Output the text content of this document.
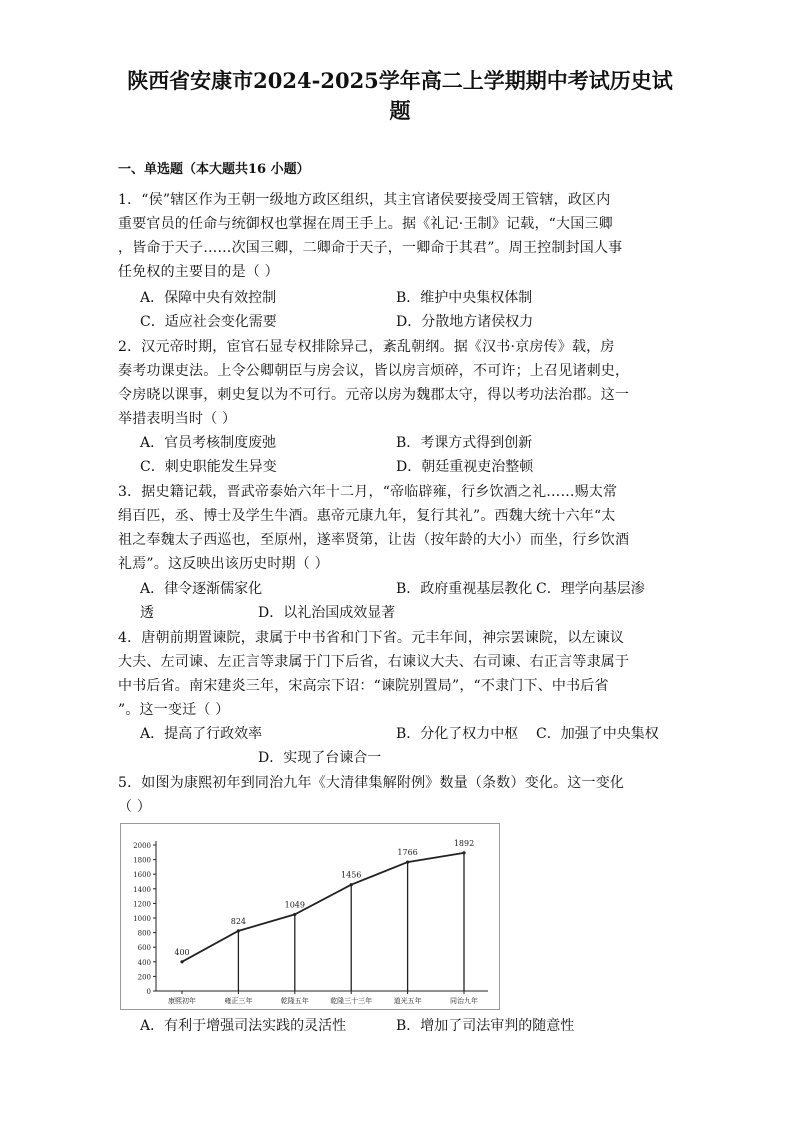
陕西省安康市2024-2025学年高二上学期期中考试历史试
题
一、单选题（本大题共16 小题）
1．“侯”辖区作为王朝一级地方政区组织，其主官诸侯要接受周王管辖，政区内
重要官员的任命与统御权也掌握在周王手上。据《礼记·王制》记载，“大国三卿
，皆命于天子……次国三卿，二卿命于天子，一卿命于其君”。周王控制封国人事
任免权的主要目的是（ ）
A．保障中央有效控制	B．维护中央集权体制
C．适应社会变化需要	D．分散地方诸侯权力
2．汉元帝时期，宦官石显专权排除异己，紊乱朝纲。据《汉书·京房传》载，房
奏考功课吏法。上令公卿朝臣与房会议，皆以房言烦碎，不可许；上召见诸刺史，
令房晓以课事，刺史复以为不可行。元帝以房为魏郡太守，得以考功法治郡。这一
举措表明当时（ ）
A．官员考核制度废弛	B．考课方式得到创新
C．刺史职能发生异变	D．朝廷重视吏治整顿
3．据史籍记载，晋武帝泰始六年十二月，“帝临辟雍，行乡饮酒之礼……赐太常
绢百匹，丞、博士及学生牛酒。惠帝元康九年，复行其礼”。西魏大统十六年“太
祖之奉魏太子西巡也，至原州，遂率贤第，让齿（按年龄的大小）而坐，行乡饮酒
礼焉”。这反映出该历史时期（ ）
A．律令逐渐儒家化	B．政府重视基层教化 C．理学向基层渗
透	D．以礼治国成效显著
4．唐朝前期置谏院，隶属于中书省和门下省。元丰年间，神宗罢谏院，以左谏议
大夫、左司谏、左正言等隶属于门下后省，右谏议大夫、右司谏、右正言等隶属于
中书后省。南宋建炎三年，宋高宗下诏：“谏院别置局”，“不隶门下、中书后省
”。这一变迁（ ）
A．提高了行政效率	B．分化了权力中枢 C．加强了中央集权
D．实现了台谏合一
5．如图为康熙初年到同治九年《大清律集解附例》数量（条数）变化。这一变化
（ ）
0
200
400
600
800
1000
1200
1400
1600
1800
2000
康熙初年	雍正三年	乾隆五年	乾隆三十三年	道光五年	同治九年
400
824
1049
1456
1766
1892
A．有利于增强司法实践的灵活性	B．增加了司法审判的随意性
